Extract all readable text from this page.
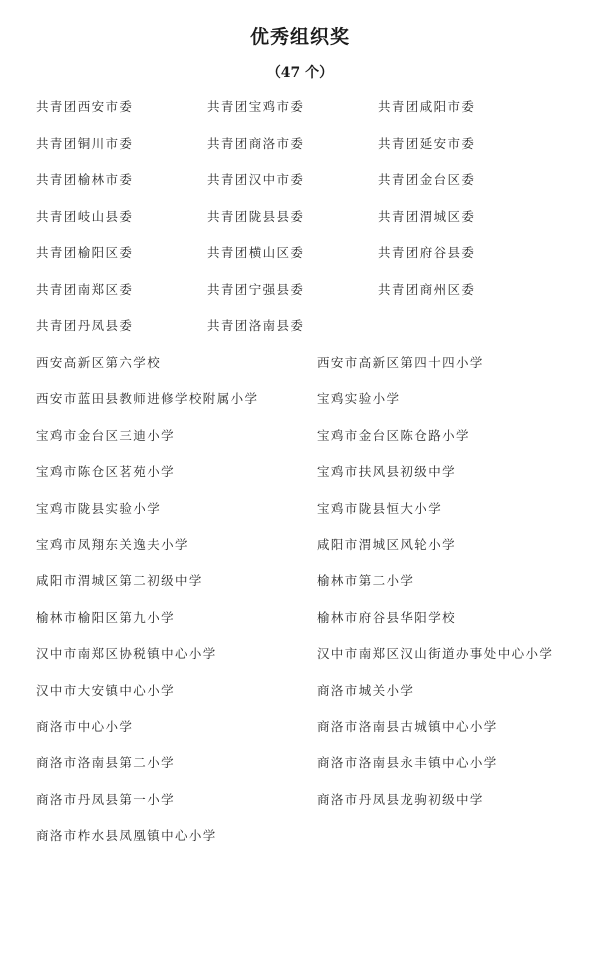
优秀组织奖
（47 个）
共青团西安市委	共青团宝鸡市委	共青团咸阳市委
共青团铜川市委	共青团商洛市委	共青团延安市委
共青团榆林市委	共青团汉中市委	共青团金台区委
共青团岐山县委	共青团陇县县委	共青团渭城区委
共青团榆阳区委	共青团横山区委	共青团府谷县委
共青团南郑区委	共青团宁强县委	共青团商州区委
共青团丹凤县委	共青团洛南县委
西安高新区第六学校	西安市高新区第四十四小学
西安市蓝田县教师进修学校附属小学	宝鸡实验小学
宝鸡市金台区三迪小学	宝鸡市金台区陈仓路小学
宝鸡市陈仓区茗苑小学	宝鸡市扶风县初级中学
宝鸡市陇县实验小学	宝鸡市陇县恒大小学
宝鸡市凤翔东关逸夫小学	咸阳市渭城区风轮小学
咸阳市渭城区第二初级中学	榆林市第二小学
榆林市榆阳区第九小学	榆林市府谷县华阳学校
汉中市南郑区协税镇中心小学	汉中市南郑区汉山街道办事处中心小学
汉中市大安镇中心小学	商洛市城关小学
商洛市中心小学	商洛市洛南县古城镇中心小学
商洛市洛南县第二小学	商洛市洛南县永丰镇中心小学
商洛市丹凤县第一小学	商洛市丹凤县龙驹初级中学
商洛市柞水县凤凰镇中心小学
